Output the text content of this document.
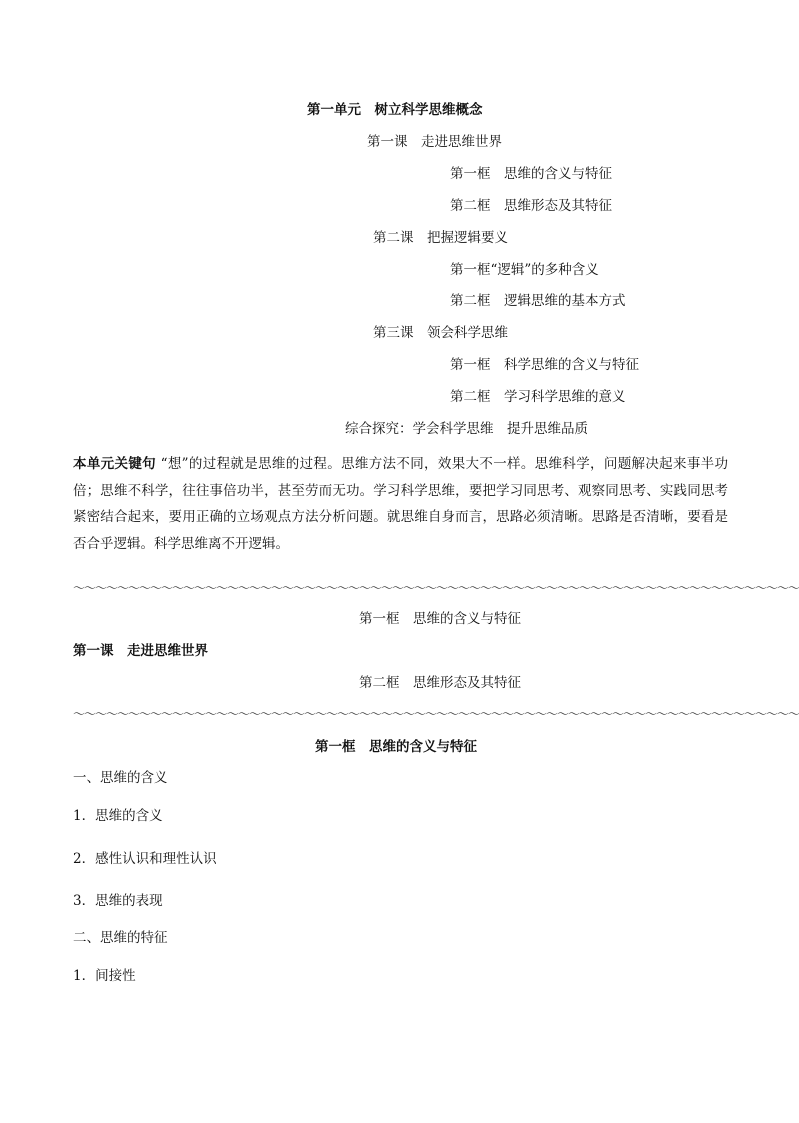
第一单元　树立科学思维概念
第一课　走进思维世界
第一框　思维的含义与特征
第二框　思维形态及其特征
第二课　把握逻辑要义
第一框“逻辑”的多种含义
第二框　逻辑思维的基本方式
第三课　领会科学思维
第一框　科学思维的含义与特征
第二框　学习科学思维的意义
综合探究：学会科学思维　提升思维品质
本单元关键句 “想”的过程就是思维的过程。思维方法不同，效果大不一样。思维科学，问题解决起来事半功倍；思维不科学，往往事倍功半，甚至劳而无功。学习科学思维，要把学习同思考、观察同思考、实践同思考紧密结合起来，要用正确的立场观点方法分析问题。就思维自身而言，思路必须清晰。思路是否清晰，要看是否合乎逻辑。科学思维离不开逻辑。
～～～～～～～～～～～～～～～～～～～～～～～～～～～～～～～～～～～～～～～～～～～～～～～～～～～～～～～～～～～～～～～～～～
第一框　思维的含义与特征
第一课　走进思维世界
第二框　思维形态及其特征
～～～～～～～～～～～～～～～～～～～～～～～～～～～～～～～～～～～～～～～～～～～～～～～～～～～～～～～～～～～～～～～～～～
第一框　思维的含义与特征
一、思维的含义
1．思维的含义
2．感性认识和理性认识
3．思维的表现
二、思维的特征
1．间接性
